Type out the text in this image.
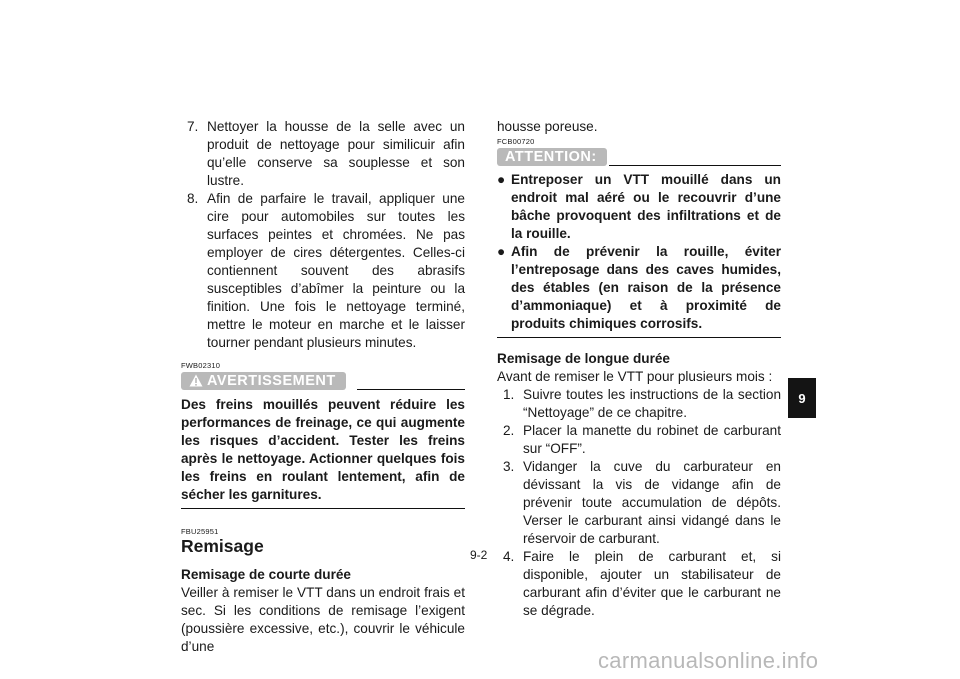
7. Nettoyer la housse de la selle avec un produit de nettoyage pour similicuir afin qu’elle conserve sa souplesse et son lustre.

8. Afin de parfaire le travail, appliquer une cire pour automobiles sur toutes les surfaces peintes et chromées. Ne pas employer de cires détergentes. Celles-ci contiennent souvent des abrasifs susceptibles d’abîmer la peinture ou la finition. Une fois le nettoyage terminé, mettre le moteur en marche et le laisser tourner pendant plusieurs minutes.

FWB02310

AVERTISSEMENT

Des freins mouillés peuvent réduire les performances de freinage, ce qui augmente les risques d’accident. Tester les freins après le nettoyage. Actionner quelques fois les freins en roulant lentement, afin de sécher les garnitures.

FBU25951

Remisage

Remisage de courte durée

Veiller à remiser le VTT dans un endroit frais et sec. Si les conditions de remisage l’exigent (poussière excessive, etc.), couvrir le véhicule d’une

housse poreuse.

FCB00720

ATTENTION:

● Entreposer un VTT mouillé dans un endroit mal aéré ou le recouvrir d’une bâche provoquent des infiltrations et de la rouille.

● Afin de prévenir la rouille, éviter l’entreposage dans des caves humides, des étables (en raison de la présence d’ammoniaque) et à proximité de produits chimiques corrosifs.

Remisage de longue durée

Avant de remiser le VTT pour plusieurs mois :

1. Suivre toutes les instructions de la section “Nettoyage” de ce chapitre.

2. Placer la manette du robinet de carburant sur “OFF”.

3. Vidanger la cuve du carburateur en dévissant la vis de vidange afin de prévenir toute accumulation de dépôts. Verser le carburant ainsi vidangé dans le réservoir de carburant.

4. Faire le plein de carburant et, si disponible, ajouter un stabilisateur de carburant afin d’éviter que le carburant ne se dégrade.

9-2
9
carmanualsonline.info
